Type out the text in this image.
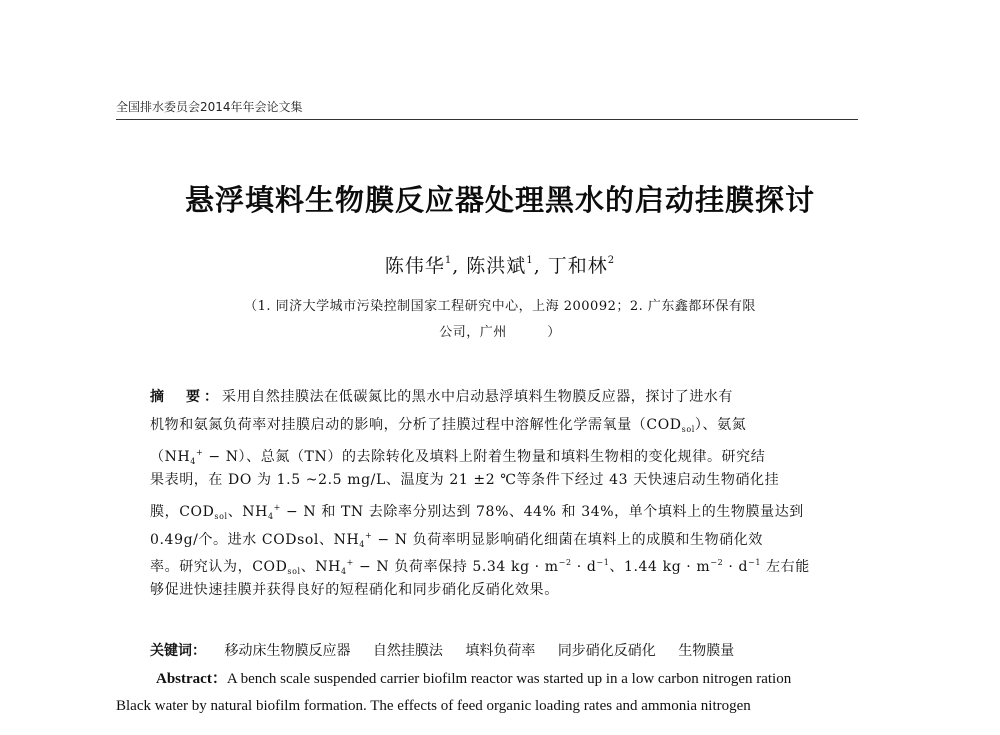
全国排水委员会2014年年会论文集
悬浮填料生物膜反应器处理黑水的启动挂膜探讨
陈伟华$^1$, 陈洪斌$^1$, 丁和林$^2$
（1. 同济大学城市污染控制国家工程研究中心，上海 200092；2. 广东鑫都环保有限
公司，广州　　　）
摘　要：采用自然挂膜法在低碳氮比的黑水中启动悬浮填料生物膜反应器，探讨了进水有
机物和氨氮负荷率对挂膜启动的影响，分析了挂膜过程中溶解性化学需氧量$(COD_{sol})$、氨氮
$(NH_4^+ - N)$、总氮（TN）的去除转化及填料上附着生物量和填料生物相的变化规律。研究结
果表明，在 DO 为 1.5 ~2.5 mg/L、温度为 21 ±2 ℃等条件下经过 43 天快速启动生物硝化挂
膜，$COD_{sol}$、$NH_4^+ - N$ 和 TN 去除率分别达到 78%、44% 和 34%，单个填料上的生物膜量达到
0.49g/个。进水 CODsol、$NH_4^+ - N$ 负荷率明显影响硝化细菌在填料上的成膜和生物硝化效
率。研究认为，$COD_{sol}$、$NH_4^+ - N$ 负荷率保持 5.34 kg · $m^{-2} \cdot d^{-1}$、1.44 kg · $m^{-2} \cdot d^{-1}$ 左右能
够促进快速挂膜并获得良好的短程硝化和同步硝化反硝化效果。
关键词： 移动床生物膜反应器 自然挂膜法 填料负荷率 同步硝化反硝化 生物膜量
Abstract：A bench scale suspended carrier biofilm reactor was started up in a low carbon nitrogen ration
Black water by natural biofilm formation. The effects of feed organic loading rates and ammonia nitrogen
